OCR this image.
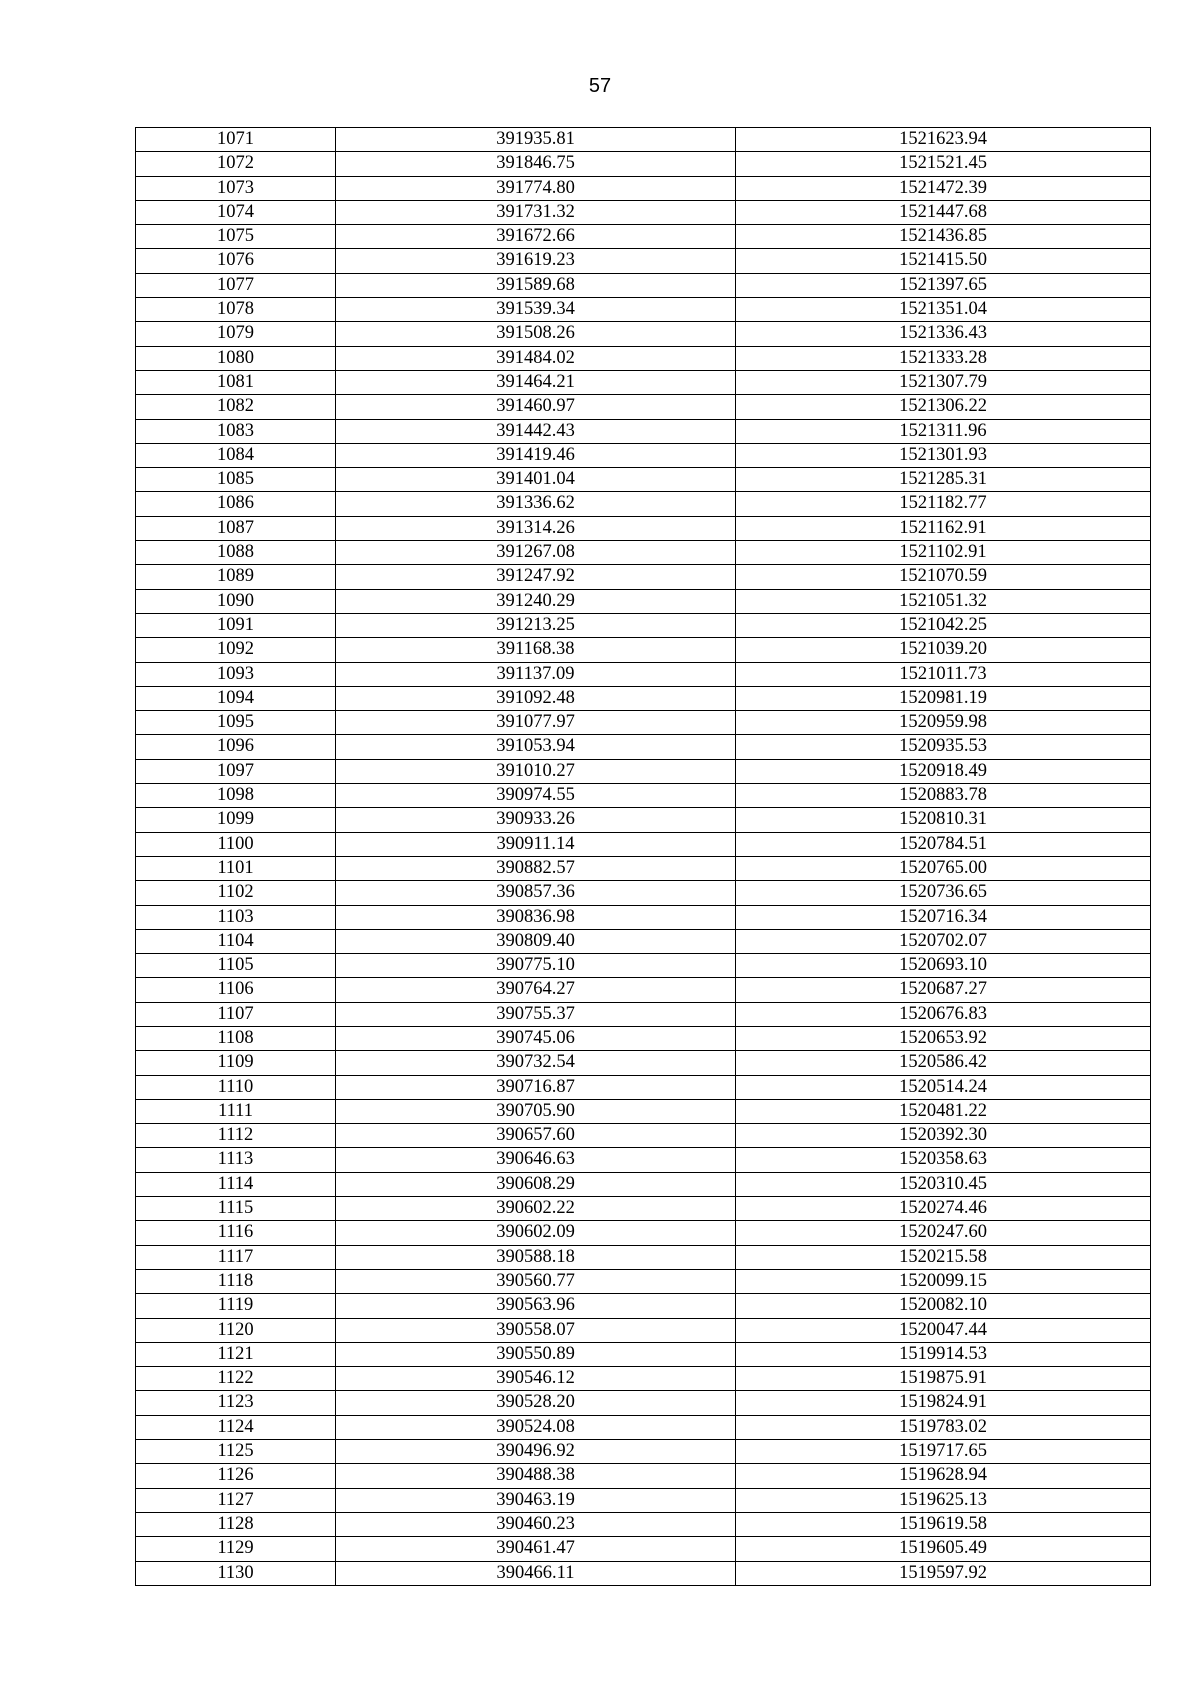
57
1071	391935.81	1521623.94
1072	391846.75	1521521.45
1073	391774.80	1521472.39
1074	391731.32	1521447.68
1075	391672.66	1521436.85
1076	391619.23	1521415.50
1077	391589.68	1521397.65
1078	391539.34	1521351.04
1079	391508.26	1521336.43
1080	391484.02	1521333.28
1081	391464.21	1521307.79
1082	391460.97	1521306.22
1083	391442.43	1521311.96
1084	391419.46	1521301.93
1085	391401.04	1521285.31
1086	391336.62	1521182.77
1087	391314.26	1521162.91
1088	391267.08	1521102.91
1089	391247.92	1521070.59
1090	391240.29	1521051.32
1091	391213.25	1521042.25
1092	391168.38	1521039.20
1093	391137.09	1521011.73
1094	391092.48	1520981.19
1095	391077.97	1520959.98
1096	391053.94	1520935.53
1097	391010.27	1520918.49
1098	390974.55	1520883.78
1099	390933.26	1520810.31
1100	390911.14	1520784.51
1101	390882.57	1520765.00
1102	390857.36	1520736.65
1103	390836.98	1520716.34
1104	390809.40	1520702.07
1105	390775.10	1520693.10
1106	390764.27	1520687.27
1107	390755.37	1520676.83
1108	390745.06	1520653.92
1109	390732.54	1520586.42
1110	390716.87	1520514.24
1111	390705.90	1520481.22
1112	390657.60	1520392.30
1113	390646.63	1520358.63
1114	390608.29	1520310.45
1115	390602.22	1520274.46
1116	390602.09	1520247.60
1117	390588.18	1520215.58
1118	390560.77	1520099.15
1119	390563.96	1520082.10
1120	390558.07	1520047.44
1121	390550.89	1519914.53
1122	390546.12	1519875.91
1123	390528.20	1519824.91
1124	390524.08	1519783.02
1125	390496.92	1519717.65
1126	390488.38	1519628.94
1127	390463.19	1519625.13
1128	390460.23	1519619.58
1129	390461.47	1519605.49
1130	390466.11	1519597.92
